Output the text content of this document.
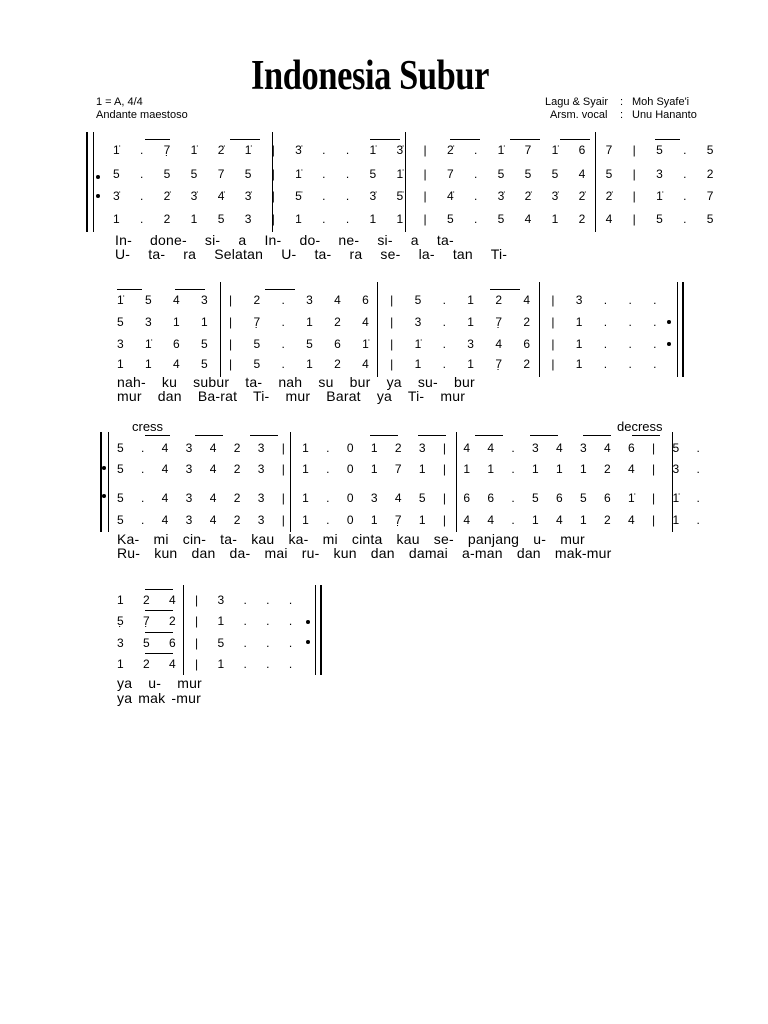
Indonesia Subur
1 = A, 4/4
Andante maestoso
Lagu & Syair : Moh Syafe'i
Arsm. vocal : Unu Hananto
1̇ . 7̣ 1̇ 2̇ 1̇ | 3̇ . . 1̇ 3̇ | 2̇ . 1̇ 7 1̇ 6 7 | 5 . 5
5 . 5 5 7 5 | 1̇ . . 5 1̇ | 7 . 5 5 5 4 5 | 3 . 2
3̇ . 2̇ 3̇ 4̇ 3̇ | 5̇ . . 3̇ 5̇ | 4̇ . 3̇ 2̇ 3̇ 2̇ 2̇ | 1̇ . 7
1 . 2 1 5 3 | 1 . . 1 1 | 5 . 5 4 1 2 4 | 5 . 5
In- done- si- a In- do- ne- si- a ta-
U- ta- ra Selatan U- ta- ra se- la- tan Ti-
1̇ 5 4 3 | 2 . 3 4 6 | 5 . 1 2 4 | 3 . . .
5 3 1 1 | 7̣ . 1 2 4 | 3 . 1 7̣ 2 | 1 . . .
3 1̇ 6 5 | 5 . 5 6 1̇ | 1̇ . 3 4 6 | 1 . . .
1 1 4 5 | 5 . 1 2 4 | 1 . 1 7̣ 2 | 1 . . .
nah- ku subur ta- nah su bur ya su- bur
mur dan Ba-rat Ti- mur Barat ya Ti- mur
cress	decress
5 . 4 3 4 2 3 | 1 . 0 1 2 3 | 4 4 . 3 4 3 4 6 | 5 .
5 . 4 3 4 2 3 | 1 . 0 1 7 1 | 1 1 . 1 1 1 2 4 | 3 .
5 . 4 3 4 2 3 | 1 . 0 3 4 5 | 6 6 . 5 6 5 6 1̇ | 1̇ .
5 . 4 3 4 2 3 | 1 . 0 1 7̣ 1 | 4 4 . 1 4 1 2 4 | 1 .
Ka- mi cin- ta- kau ka- mi cinta kau se- panjang u- mur
Ru- kun dan da- mai ru- kun dan damai a-man dan mak-mur
1 2 4 | 3 . . .
5̣ 7̣ 2 | 1 . . .
3 5 6 | 5 . . .
1 2 4 | 1 . . .
ya u- mur
ya mak -mur
